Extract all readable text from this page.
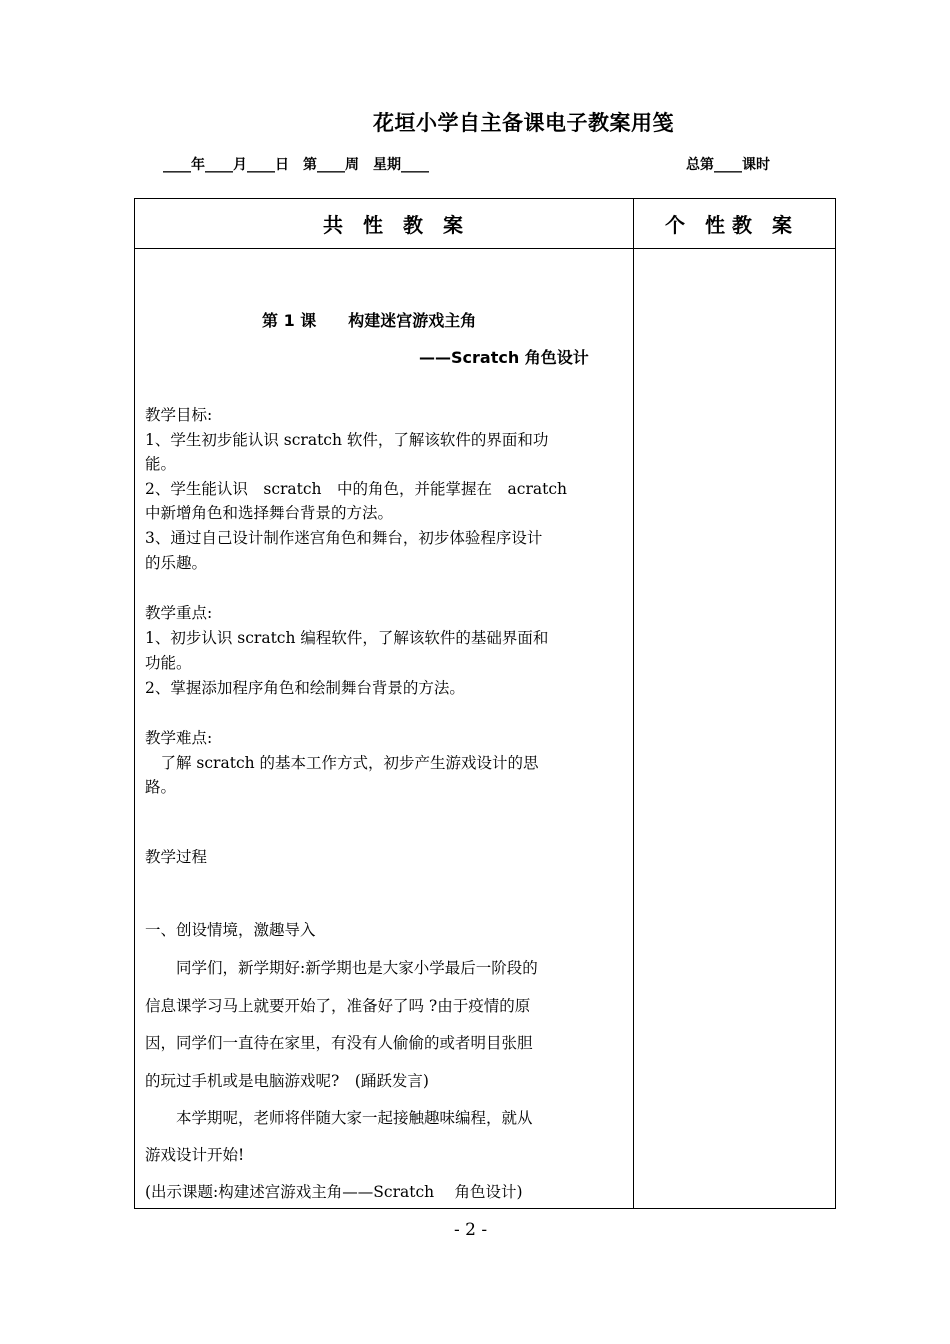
花垣小学自主备课电子教案用笺
____年____月____日　第____周　星期____	总第____课时
共　性　教　案	个　性 教　案
第 1 课　　构建迷宫游戏主角
——Scratch 角色设计
教学目标:
1、学生初步能认识 scratch 软件，了解该软件的界面和功
能。
2、学生能认识　scratch　中的角色，并能掌握在　acratch
中新增角色和选择舞台背景的方法。
3、通过自己设计制作迷宫角色和舞台，初步体验程序设计
的乐趣。
教学重点:
1、初步认识 scratch 编程软件，了解该软件的基础界面和
功能。
2、掌握添加程序角色和绘制舞台背景的方法。
教学难点:
　了解 scratch 的基本工作方式，初步产生游戏设计的思
路。
教学过程
一、创设情境，激趣导入
　　同学们，新学期好:新学期也是大家小学最后一阶段的
信息课学习马上就要开始了，准备好了吗 ?由于疫情的原
因，同学们一直待在家里，有没有人偷偷的或者明目张胆
的玩过手机或是电脑游戏呢?　(踊跃发言)
　　本学期呢，老师将伴随大家一起接触趣味编程，就从
游戏设计开始!
(出示课题:构建述宫游戏主角——Scratch　 角色设计)
- 2 -
